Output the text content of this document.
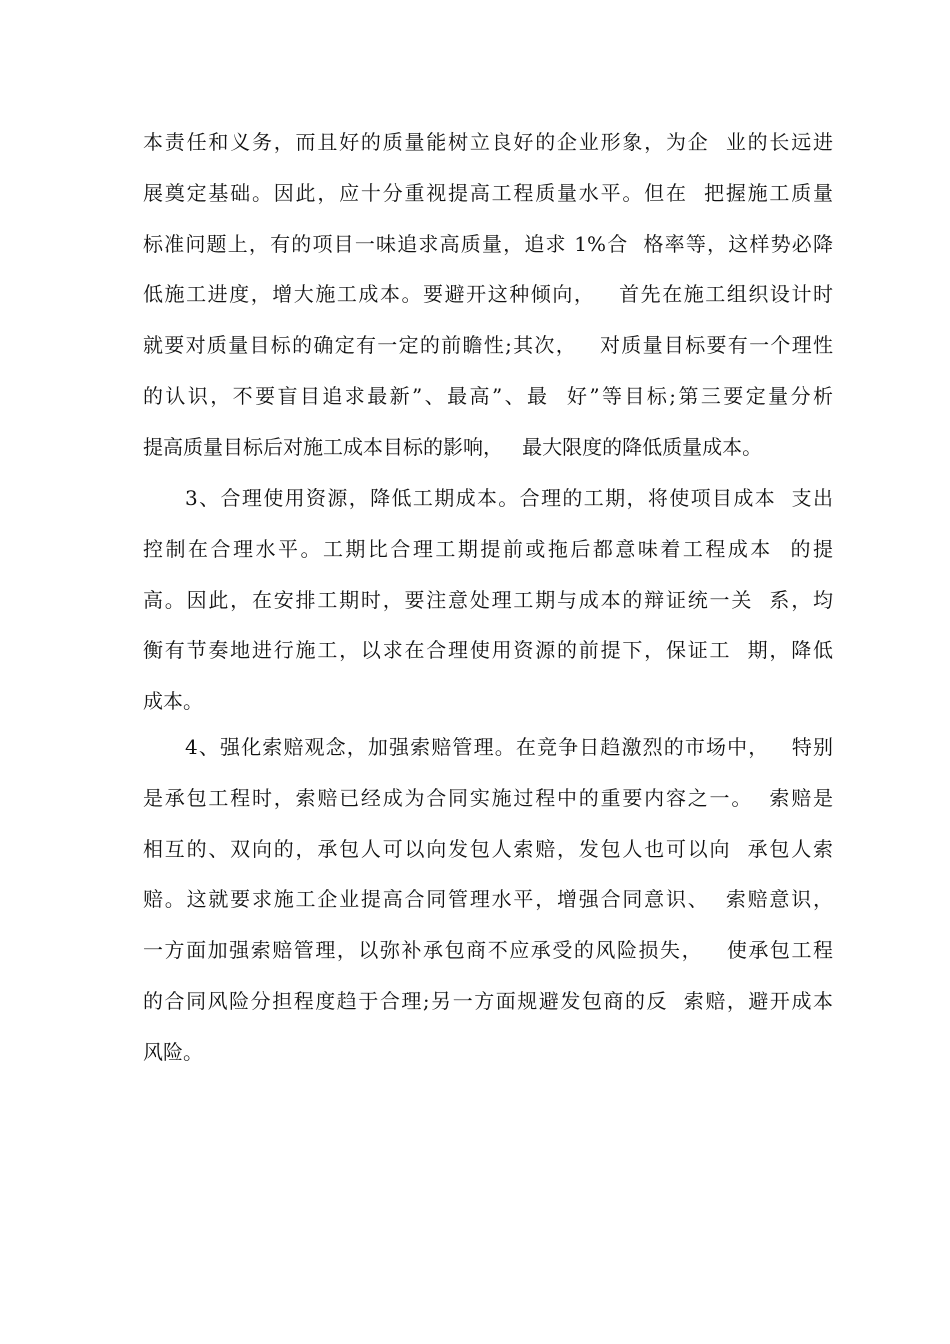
本责任和义务，而且好的质量能树立良好的企业形象，为企  业的长远进
展奠定基础。因此，应十分重视提高工程质量水平。但在  把握施工质量
标准问题上，有的项目一味追求高质量，追求 1%合  格率等，这样势必降
低施工进度，增大施工成本。要避开这种倾向，   首先在施工组织设计时
就要对质量目标的确定有一定的前瞻性;其次，   对质量目标要有一个理性
的认识，不要盲目追求最新”、最高”、最  好”等目标;第三要定量分析
提高质量目标后对施工成本目标的影响，   最大限度的降低质量成本。
3、合理使用资源，降低工期成本。合理的工期，将使项目成本  支出
控制在合理水平。工期比合理工期提前或拖后都意味着工程成本  的提
高。因此，在安排工期时，要注意处理工期与成本的辩证统一关  系，均
衡有节奏地进行施工，以求在合理使用资源的前提下，保证工  期，降低
成本。
4、强化索赔观念，加强索赔管理。在竞争日趋激烈的市场中，   特别
是承包工程时，索赔已经成为合同实施过程中的重要内容之一。  索赔是
相互的、双向的，承包人可以向发包人索赔，发包人也可以向  承包人索
赔。这就要求施工企业提高合同管理水平，增强合同意识、  索赔意识，
一方面加强索赔管理，以弥补承包商不应承受的风险损失，   使承包工程
的合同风险分担程度趋于合理;另一方面规避发包商的反  索赔，避开成本
风险。
